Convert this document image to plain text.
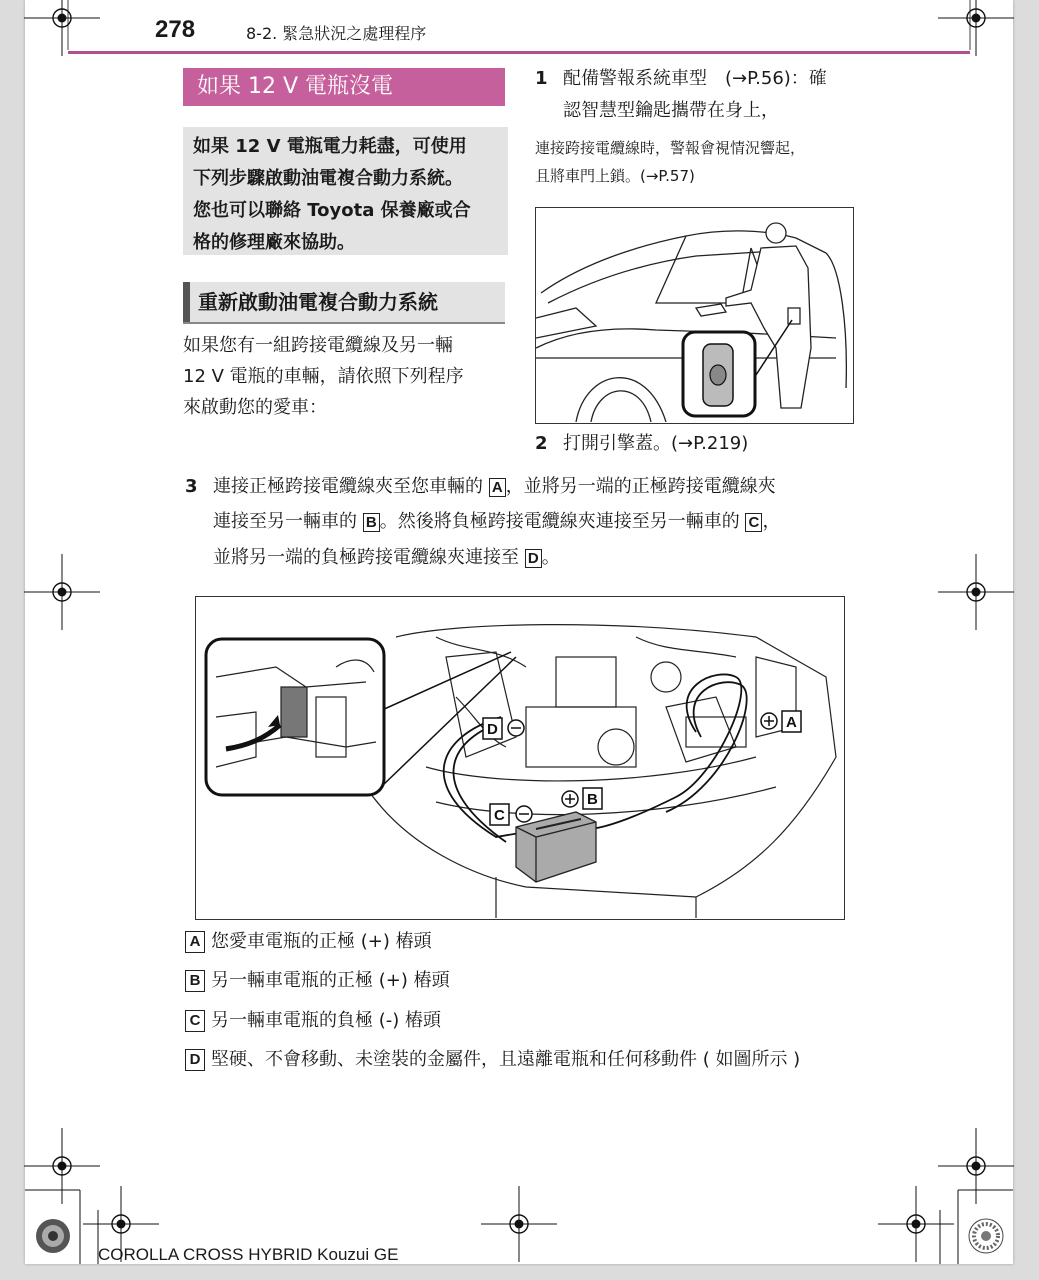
278	8-2. 緊急狀況之處理程序
如果 12 V 電瓶沒電
如果 12 V 電瓶電力耗盡，可使用
下列步驟啟動油電複合動力系統。
您也可以聯絡 Toyota 保養廠或合
格的修理廠來協助。
重新啟動油電複合動力系統
如果您有一組跨接電纜線及另一輛
12 V 電瓶的車輛，請依照下列程序
來啟動您的愛車：
1 配備警報系統車型　(→P.56)：確
認智慧型鑰匙攜帶在身上，
連接跨接電纜線時，警報會視情況響起，
且將車門上鎖。(→P.57)
2 打開引擎蓋。(→P.219)
3 連接正極跨接電纜線夾至您車輛的 A ，並將另一端的正極跨接電纜線夾
連接至另一輛車的 B 。然後將負極跨接電纜線夾連接至另一輛車的 C ，
並將另一端的負極跨接電纜線夾連接至 D 。
D	A
B
C
A 您愛車電瓶的正極 (+) 樁頭
B 另一輛車電瓶的正極 (+) 樁頭
C 另一輛車電瓶的負極 (-) 樁頭
D 堅硬、不會移動、未塗裝的金屬件，且遠離電瓶和任何移動件 ( 如圖所示 )
COROLLA CROSS HYBRID Kouzui GE
